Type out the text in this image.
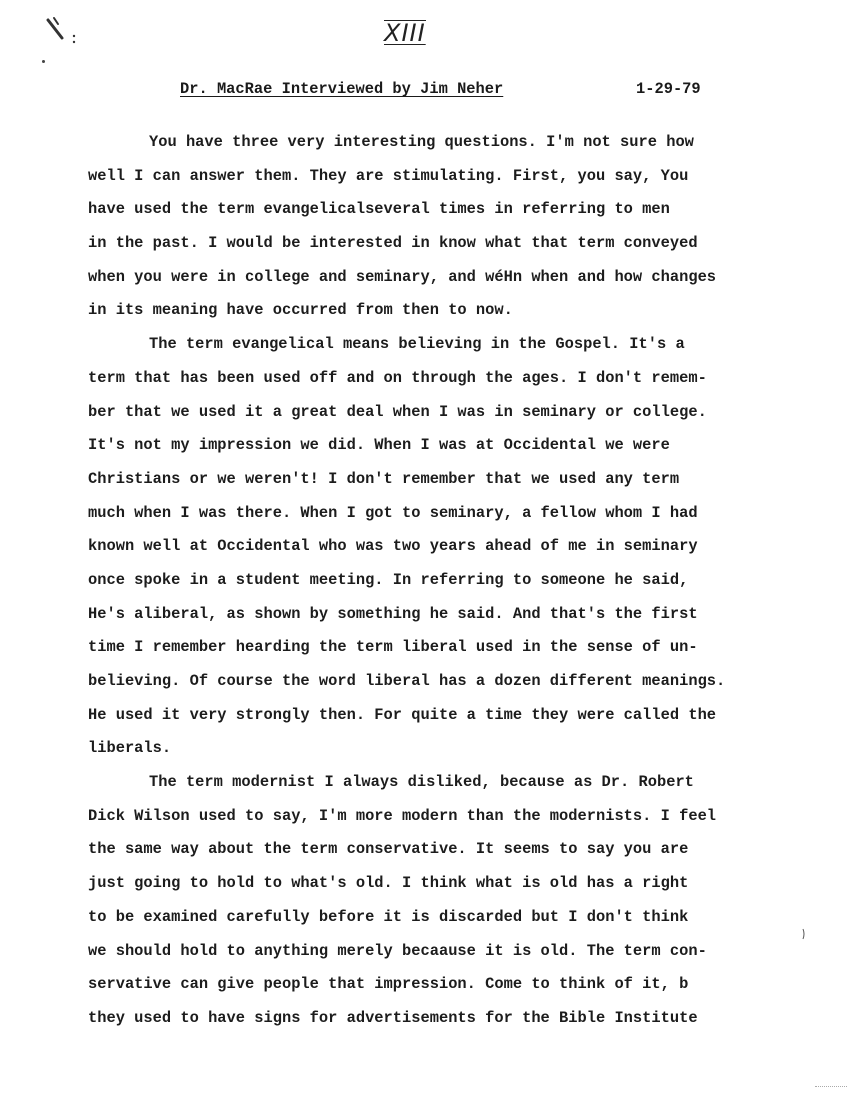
XIII
Dr. MacRae Interviewed by Jim Neher	1-29-79
You have three very interesting questions. I'm not sure how
well I can answer them. They are stimulating. First, you say, You
have used the term evangelicalseveral times in referring to men
in the past. I would be interested in know what that term conveyed
when you were in college and seminary, and wéHn when and how changes
in its meaning have occurred from then to now.
The term evangelical means believing in the Gospel. It's a
term that has been used off and on through the ages. I don't remem-
ber that we used it a great deal when I was in seminary or college.
It's not my impression we did. When I was at Occidental we were
Christians or we weren't! I don't remember that we used any term
much when I was there. When I got to seminary, a fellow whom I had
known well at Occidental who was two years ahead of me in seminary
once spoke in a student meeting. In referring to someone he said,
He's aliberal, as shown by something he said. And that's the first
time I remember hearding the term liberal used in the sense of un-
believing. Of course the word liberal has a dozen different meanings.
He used it very strongly then. For quite a time they were called the
liberals.
The term modernist I always disliked, because as Dr. Robert
Dick Wilson used to say, I'm more modern than the modernists. I feel
the same way about the term conservative. It seems to say you are
just going to hold to what's old. I think what is old has a right
to be examined carefully before it is discarded but I don't think
we should hold to anything merely becaause it is old. The term con-
servative can give people that impression. Come to think of it, b
they used to have signs for advertisements for the Bible Institute
